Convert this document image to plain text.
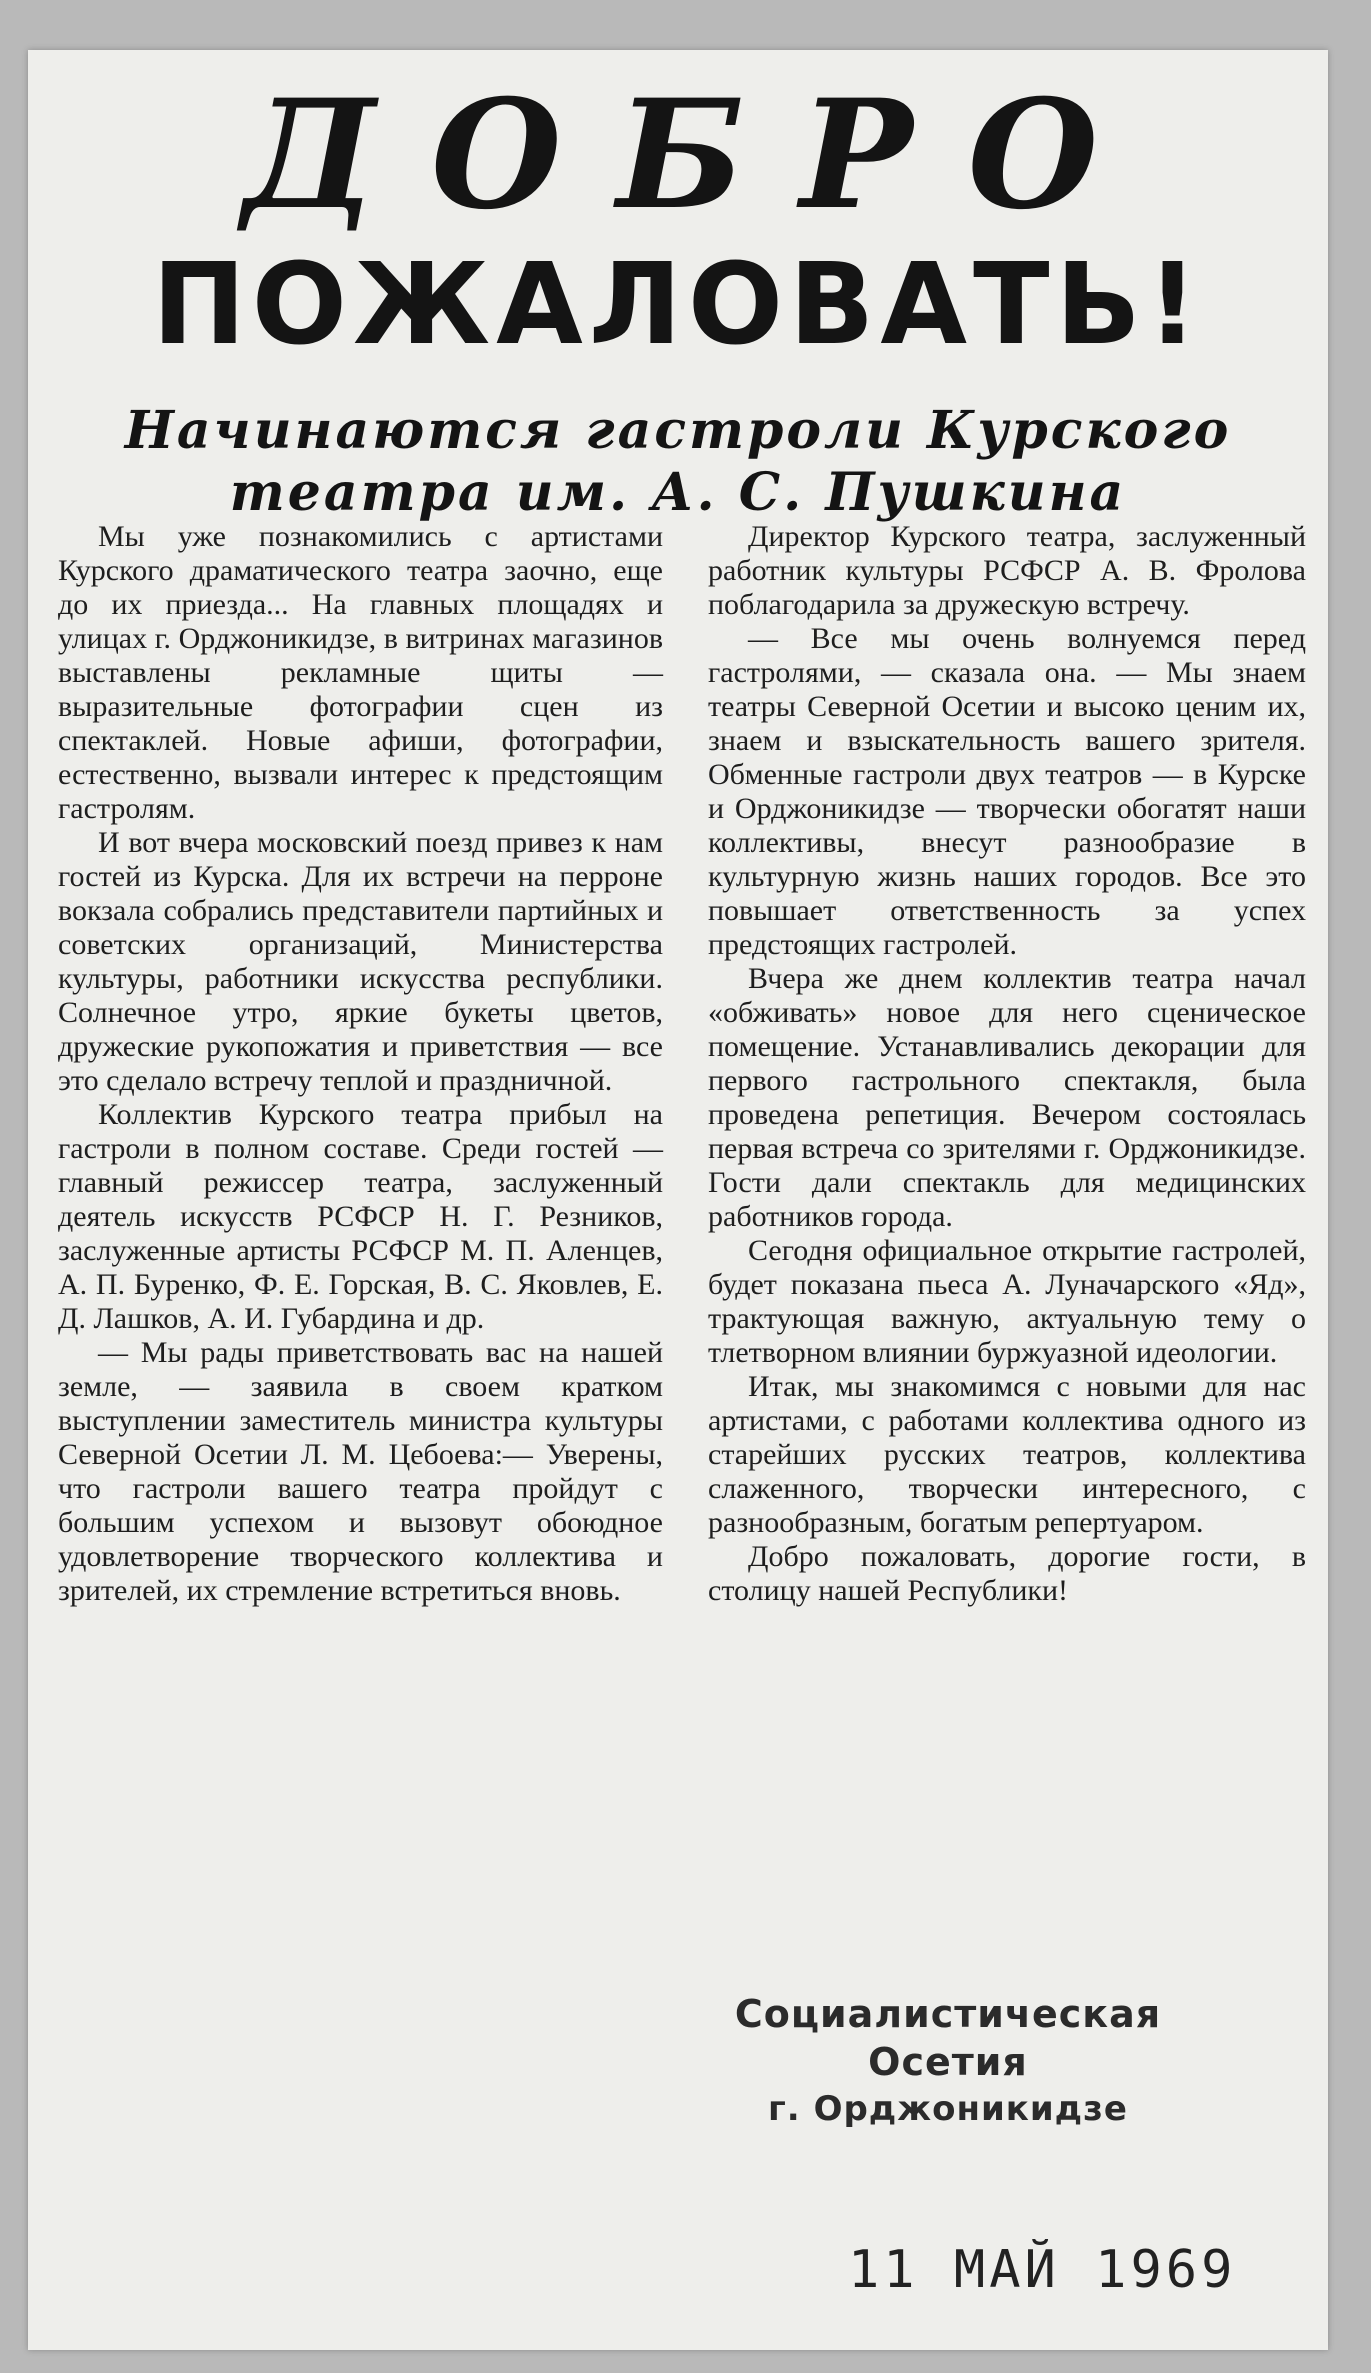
ДОБРО
ПОЖАЛОВАТЬ!
Начинаются гастроли Курского
театра им. А. С. Пушкина

Мы уже познакомились с артистами Курского драматического театра заочно, еще до их приезда... На главных площадях и улицах г. Орджоникидзе, в витринах магазинов выставлены рекламные щиты — выразительные фотографии сцен из спектаклей. Новые афиши, фотографии, естественно, вызвали интерес к предстоящим гастролям.

И вот вчера московский поезд привез к нам гостей из Курска. Для их встречи на перроне вокзала собрались представители партийных и советских организаций, Министерства культуры, работники искусства республики. Солнечное утро, яркие букеты цветов, дружеские рукопожатия и приветствия — все это сделало встречу теплой и праздничной.

Коллектив Курского театра прибыл на гастроли в полном составе. Среди гостей — главный режиссер театра, заслуженный деятель искусств РСФСР Н. Г. Резников, заслуженные артисты РСФСР М. П. Аленцев, А. П. Буренко, Ф. Е. Горская, В. С. Яковлев, Е. Д. Лашков, А. И. Губардина и др.

— Мы рады приветствовать вас на нашей земле, — заявила в своем кратком выступлении заместитель министра культуры Северной Осетии Л. М. Цебоева:— Уверены, что гастроли вашего театра пройдут с большим успехом и вызовут обоюдное удовлетворение творческого коллектива и зрителей, их стремление встретиться вновь.

Директор Курского театра, заслуженный работник культуры РСФСР А. В. Фролова поблагодарила за дружескую встречу.

— Все мы очень волнуемся перед гастролями, — сказала она. — Мы знаем театры Северной Осетии и высоко ценим их, знаем и взыскательность вашего зрителя. Обменные гастроли двух театров — в Курске и Орджоникидзе — творчески обогатят наши коллективы, внесут разнообразие в культурную жизнь наших городов. Все это повышает ответственность за успех предстоящих гастролей.

Вчера же днем коллектив театра начал «обживать» новое для него сценическое помещение. Устанавливались декорации для первого гастрольного спектакля, была проведена репетиция. Вечером состоялась первая встреча со зрителями г. Орджоникидзе. Гости дали спектакль для медицинских работников города.

Сегодня официальное открытие гастролей, будет показана пьеса А. Луначарского «Яд», трактующая важную, актуальную тему о тлетворном влиянии буржуазной идеологии.

Итак, мы знакомимся с новыми для нас артистами, с работами коллектива одного из старейших русских театров, коллектива слаженного, творчески интересного, с разнообразным, богатым репертуаром.

Добро пожаловать, дорогие гости, в столицу нашей Республики!

Социалистическая Осетия
г. Орджоникидзе
11 МАЙ 1969
